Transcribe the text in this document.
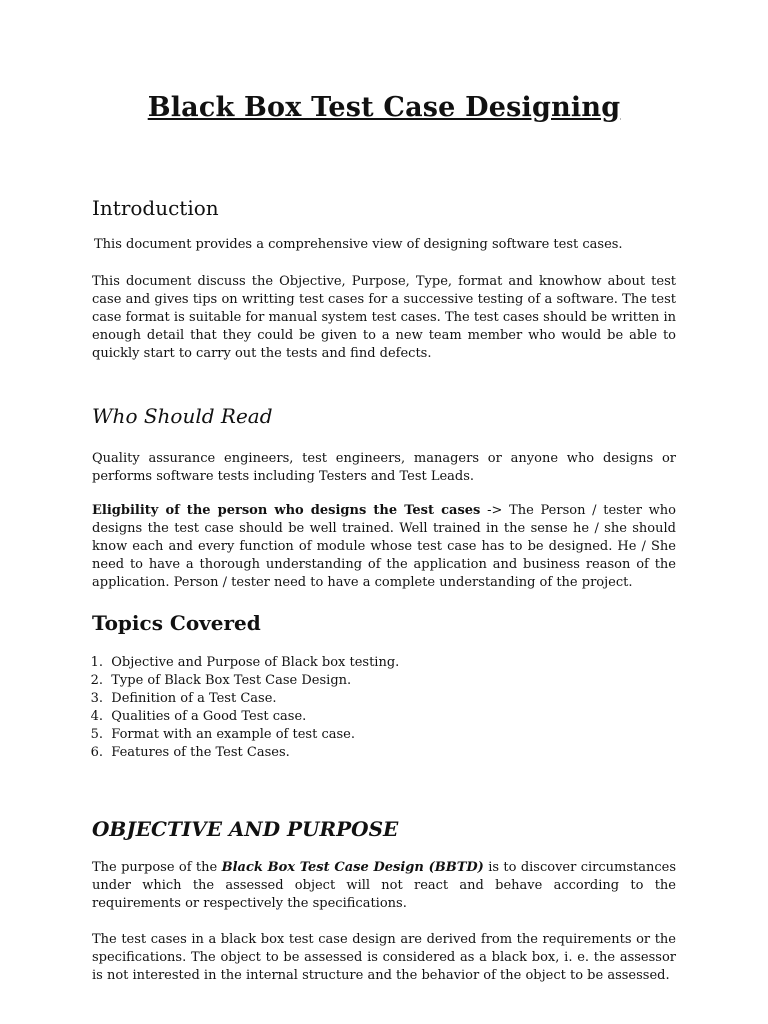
Black Box Test Case Designing
Introduction

This document provides a comprehensive view of designing software test cases.

This document discuss the Objective, Purpose, Type, format and knowhow about test case and gives tips on writting test cases for a successive testing of a software. The test case format is suitable for manual system test cases. The test cases should be written in enough detail that they could be given to a new team member who would be able to quickly start to carry out the tests and find defects.

Who Should Read

Quality assurance engineers, test engineers, managers or anyone who designs or performs software tests including Testers and Test Leads.

Eligbility of the person who designs the Test cases -> The Person / tester who designs the test case should be well trained. Well trained in the sense he / she should know each and every function of module whose test case has to be designed. He / She need to have a thorough understanding of the application and business reason of the application. Person / tester need to have a complete understanding of the project.

Topics Covered
1.
Objective and Purpose of Black box testing.
2.
Type of Black Box Test Case Design.
3.
Definition of a Test Case.
4.
Qualities of a Good Test case.
5.
Format with an example of test case.
6.
Features of the Test Cases.
OBJECTIVE AND PURPOSE

The purpose of the Black Box Test Case Design (BBTD) is to discover circumstances under which the assessed object will not react and behave according to the requirements or respectively the specifications.

The test cases in a black box test case design are derived from the requirements or the specifications. The object to be assessed is considered as a black box, i. e. the assessor is not interested in the internal structure and the behavior of the object to be assessed.
